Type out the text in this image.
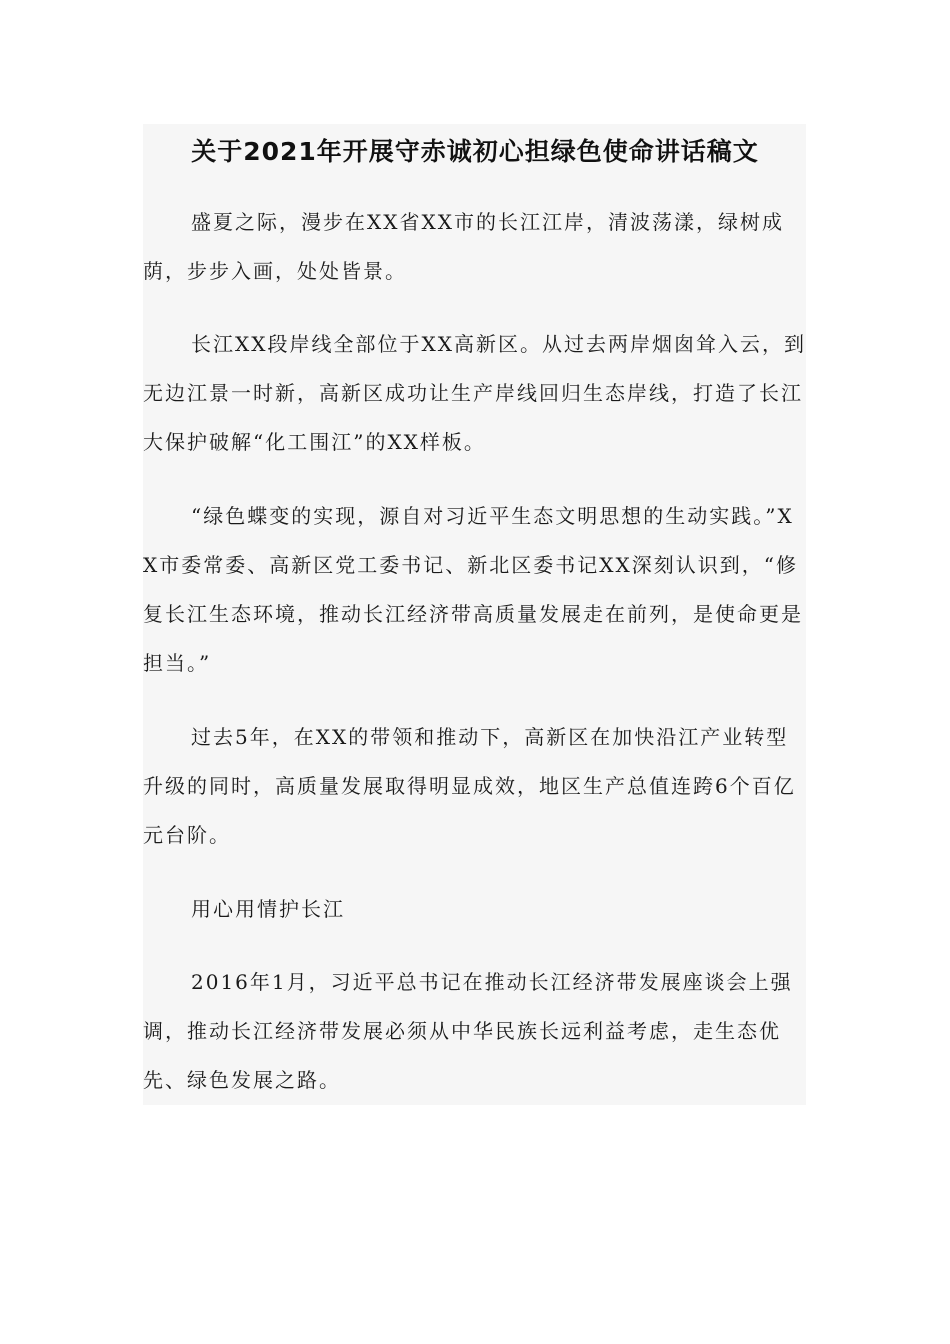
关于2021年开展守赤诚初心担绿色使命讲话稿文

盛夏之际，漫步在XX省XX市的长江江岸，清波荡漾，绿树成荫，步步入画，处处皆景。

长江XX段岸线全部位于XX高新区。从过去两岸烟囱耸入云，到无边江景一时新，高新区成功让生产岸线回归生态岸线，打造了长江大保护破解“化工围江”的XX样板。

“绿色蝶变的实现，源自对习近平生态文明思想的生动实践。”XX市委常委、高新区党工委书记、新北区委书记XX深刻认识到，“修复长江生态环境，推动长江经济带高质量发展走在前列，是使命更是担当。”

过去5年，在XX的带领和推动下，高新区在加快沿江产业转型升级的同时，高质量发展取得明显成效，地区生产总值连跨6个百亿元台阶。

用心用情护长江

2016年1月，习近平总书记在推动长江经济带发展座谈会上强调，推动长江经济带发展必须从中华民族长远利益考虑，走生态优先、绿色发展之路。
